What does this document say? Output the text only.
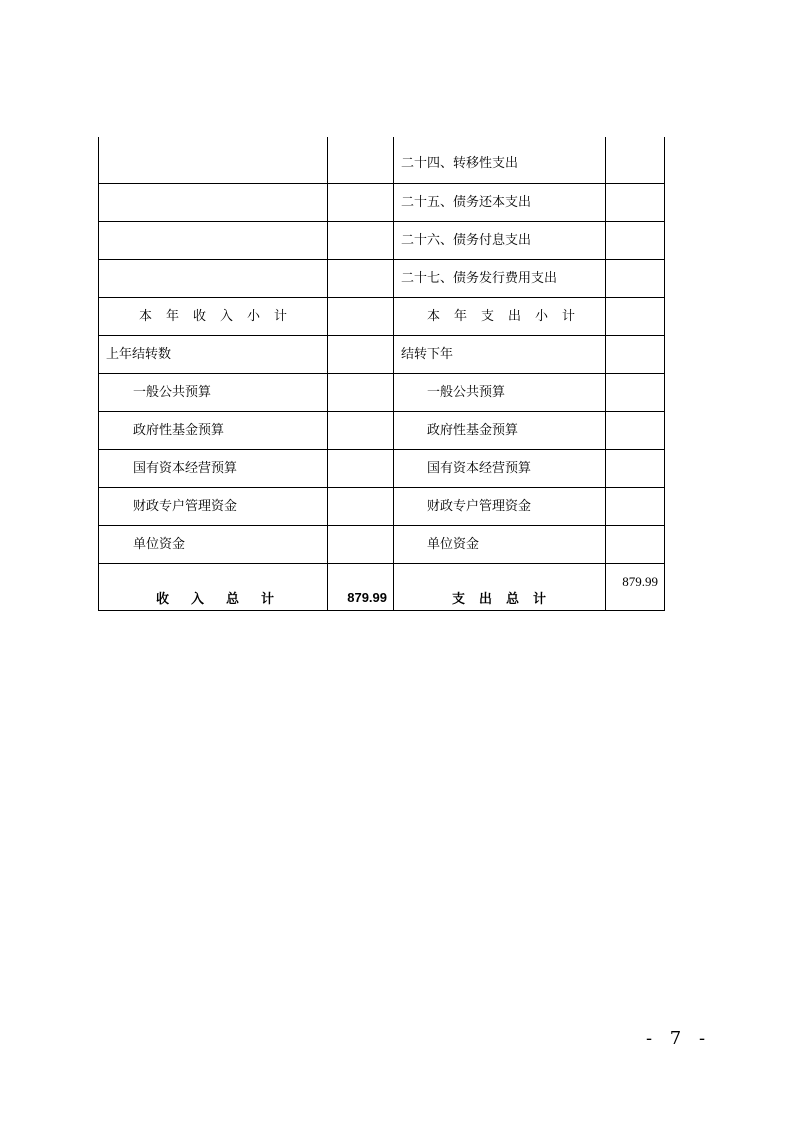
		二十四、转移性支出	
		二十五、债务还本支出	
		二十六、债务付息支出	
		二十七、债务发行费用支出	
本年收入小计		本年支出小计	
上年结转数		结转下年	
一般公共预算		一般公共预算	
政府性基金预算		政府性基金预算	
国有资本经营预算		国有资本经营预算	
财政专户管理资金		财政专户管理资金	
单位资金		单位资金	
收入总计	879.99	支出总计	879.99
- 7 -
